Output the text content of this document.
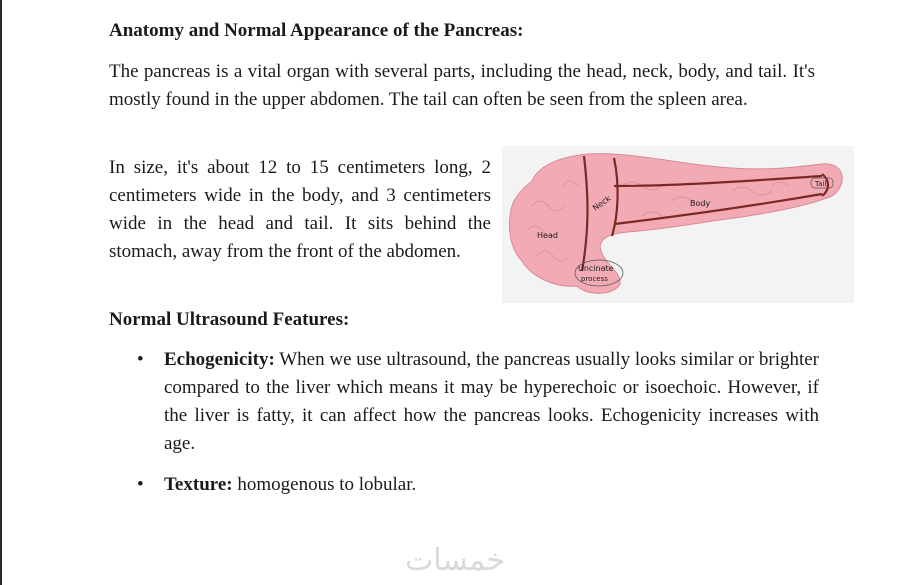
Anatomy and Normal Appearance of the Pancreas:

The pancreas is a vital organ with several parts, including the head, neck, body, and tail. It's mostly found in the upper abdomen. The tail can often be seen from the spleen area.

In size, it's about 12 to 15 centimeters long, 2 centimeters wide in the body, and 3 centimeters wide in the head and tail. It sits behind the stomach, away from the front of the abdomen.

Head
Neck	Body
Tail
Uncinate
process
Normal Ultrasound Features:
• Echogenicity: When we use ultrasound, the pancreas usually looks similar or brighter compared to the liver which means it may be hyperechoic or isoechoic. However, if the liver is fatty, it can affect how the pancreas looks. Echogenicity increases with age.
• Texture: homogenous to lobular.
خمسات
